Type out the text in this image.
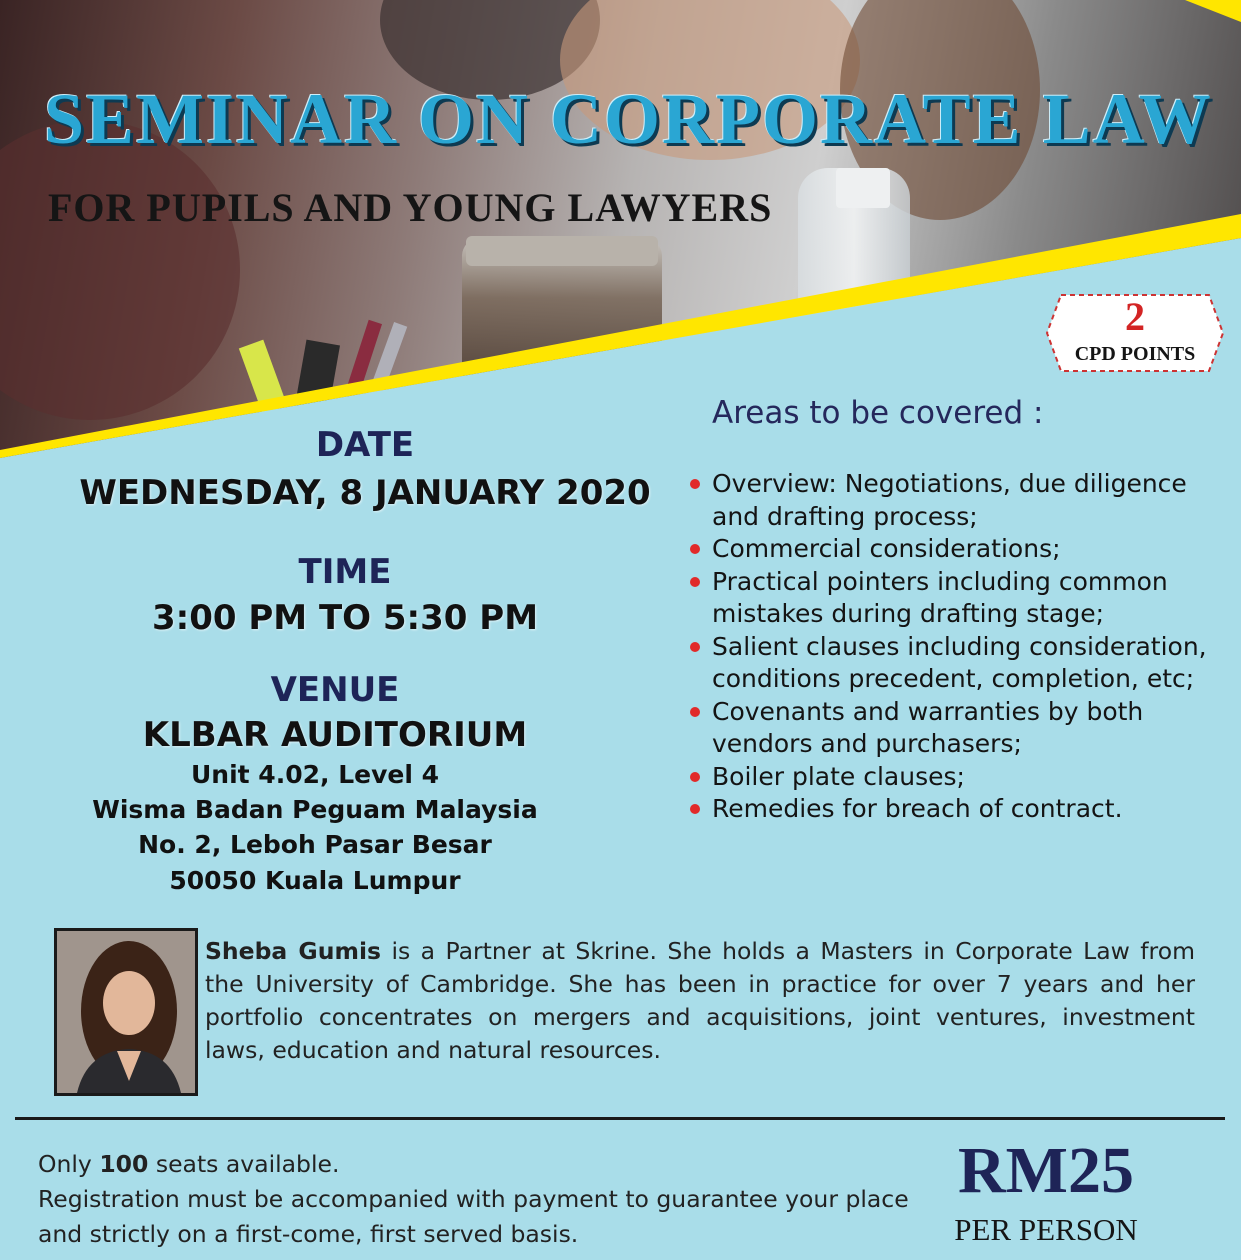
SEMINAR ON CORPORATE LAW
FOR PUPILS AND YOUNG LAWYERS
2
CPD POINTS
DATE
WEDNESDAY, 8 JANUARY 2020
TIME
3:00 PM TO 5:30 PM
VENUE
KLBAR AUDITORIUM
Unit 4.02, Level 4
Wisma Badan Peguam Malaysia
No. 2, Leboh Pasar Besar
50050 Kuala Lumpur
Areas to be covered :
Overview: Negotiations, due diligence and drafting process;
Commercial considerations;
Practical pointers including common mistakes during drafting stage;
Salient clauses including consideration, conditions precedent, completion, etc;
Covenants and warranties by both vendors and purchasers;
Boiler plate clauses;
Remedies for breach of contract.
Sheba Gumis is a Partner at Skrine. She holds a Masters in Corporate Law from the University of Cambridge. She has been in practice for over 7 years and her portfolio concentrates on mergers and acquisitions, joint ventures, investment laws, education and natural resources.
Only 100 seats available.
Registration must be accompanied with payment to guarantee your place and strictly on a first-come, first served basis.
RM25
PER PERSON
